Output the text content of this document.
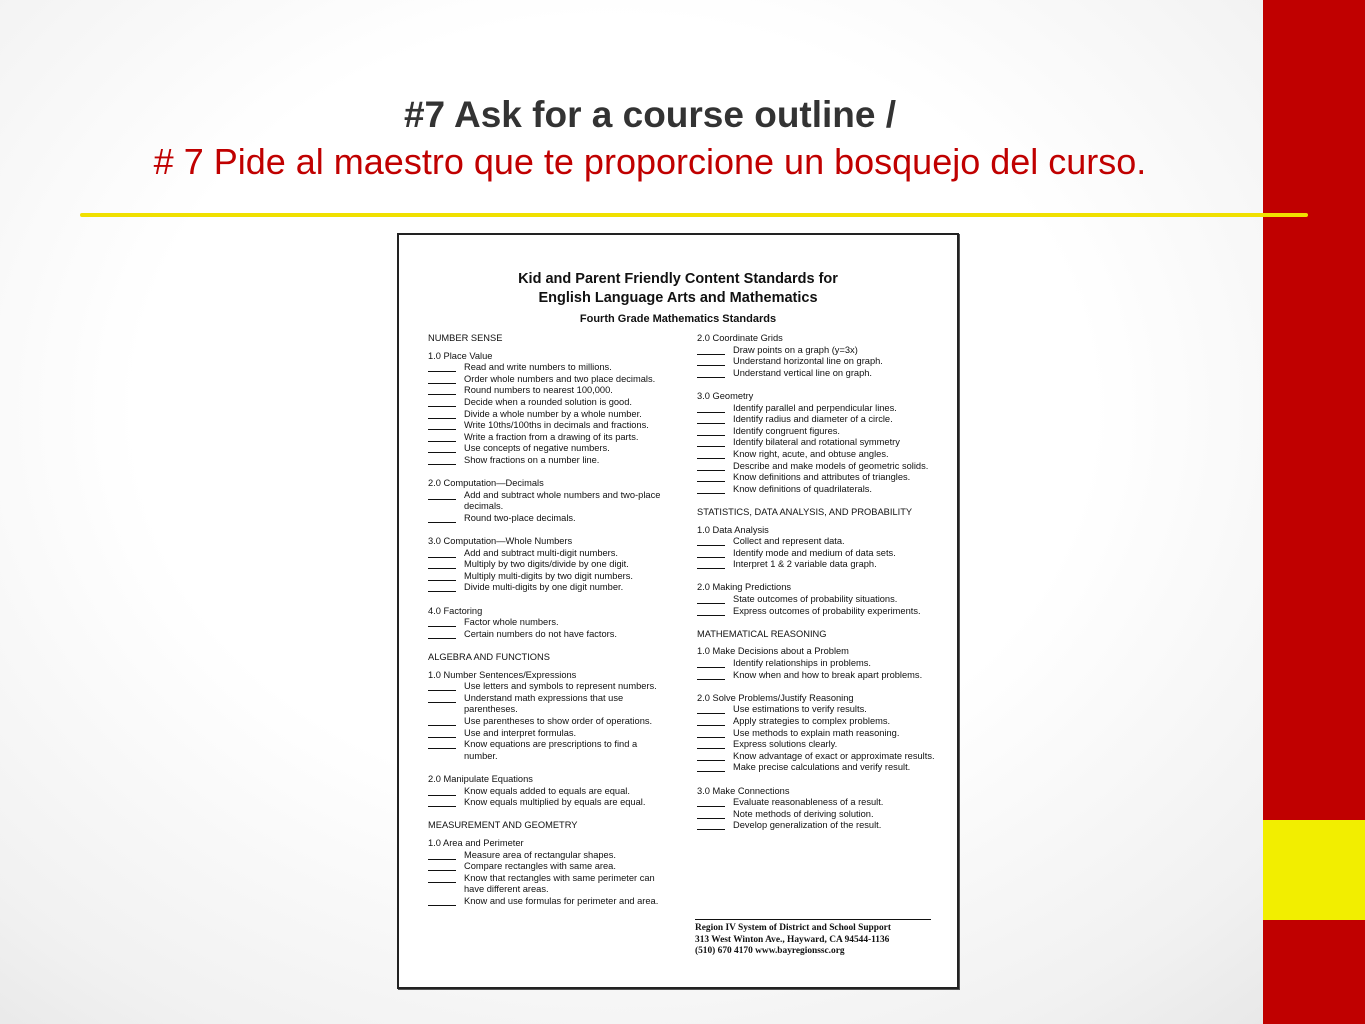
#7 Ask for a course outline /
# 7 Pide al maestro que te proporcione un bosquejo del curso.
Kid and Parent Friendly Content Standards for
English Language Arts and Mathematics
Fourth Grade Mathematics Standards
NUMBER SENSE
1.0 Place Value
Read and write numbers to millions.
Order whole numbers and two place decimals.
Round numbers to nearest 100,000.
Decide when a rounded solution is good.
Divide a whole number by a whole number.
Write 10ths/100ths in decimals and fractions.
Write a fraction from a drawing of its parts.
Use concepts of negative numbers.
Show fractions on a number line.
2.0 Computation—Decimals
Add and subtract whole numbers and two-place decimals.
Round two-place decimals.
3.0 Computation—Whole Numbers
Add and subtract multi-digit numbers.
Multiply by two digits/divide by one digit.
Multiply multi-digits by two digit numbers.
Divide multi-digits by one digit number.
4.0 Factoring
Factor whole numbers.
Certain numbers do not have factors.
ALGEBRA AND FUNCTIONS
1.0 Number Sentences/Expressions
Use letters and symbols to represent numbers.
Understand math expressions that use parentheses.
Use parentheses to show order of operations.
Use and interpret formulas.
Know equations are prescriptions to find a number.
2.0 Manipulate Equations
Know equals added to equals are equal.
Know equals multiplied by equals are equal.
MEASUREMENT AND GEOMETRY
1.0 Area and Perimeter
Measure area of rectangular shapes.
Compare rectangles with same area.
Know that rectangles with same perimeter can have different areas.
Know and use formulas for perimeter and area.
2.0 Coordinate Grids
Draw points on a graph (y=3x)
Understand horizontal line on graph.
Understand vertical line on graph.
3.0 Geometry
Identify parallel and perpendicular lines.
Identify radius and diameter of a circle.
Identify congruent figures.
Identify bilateral and rotational symmetry
Know right, acute, and obtuse angles.
Describe and make models of geometric solids.
Know definitions and attributes of triangles.
Know definitions of quadrilaterals.
STATISTICS, DATA ANALYSIS, AND PROBABILITY
1.0 Data Analysis
Collect and represent data.
Identify mode and medium of data sets.
Interpret 1 & 2 variable data graph.
2.0 Making Predictions
State outcomes of probability situations.
Express outcomes of probability experiments.
MATHEMATICAL REASONING
1.0 Make Decisions about a Problem
Identify relationships in problems.
Know when and how to break apart problems.
2.0 Solve Problems/Justify Reasoning
Use estimations to verify results.
Apply strategies to complex problems.
Use methods to explain math reasoning.
Express solutions clearly.
Know advantage of exact or approximate results.
Make precise calculations and verify result.
3.0 Make Connections
Evaluate reasonableness of a result.
Note methods of deriving solution.
Develop generalization of the result.
Region IV System of District and School Support
313 West Winton Ave., Hayward, CA 94544-1136
(510) 670 4170 www.bayregionssc.org
